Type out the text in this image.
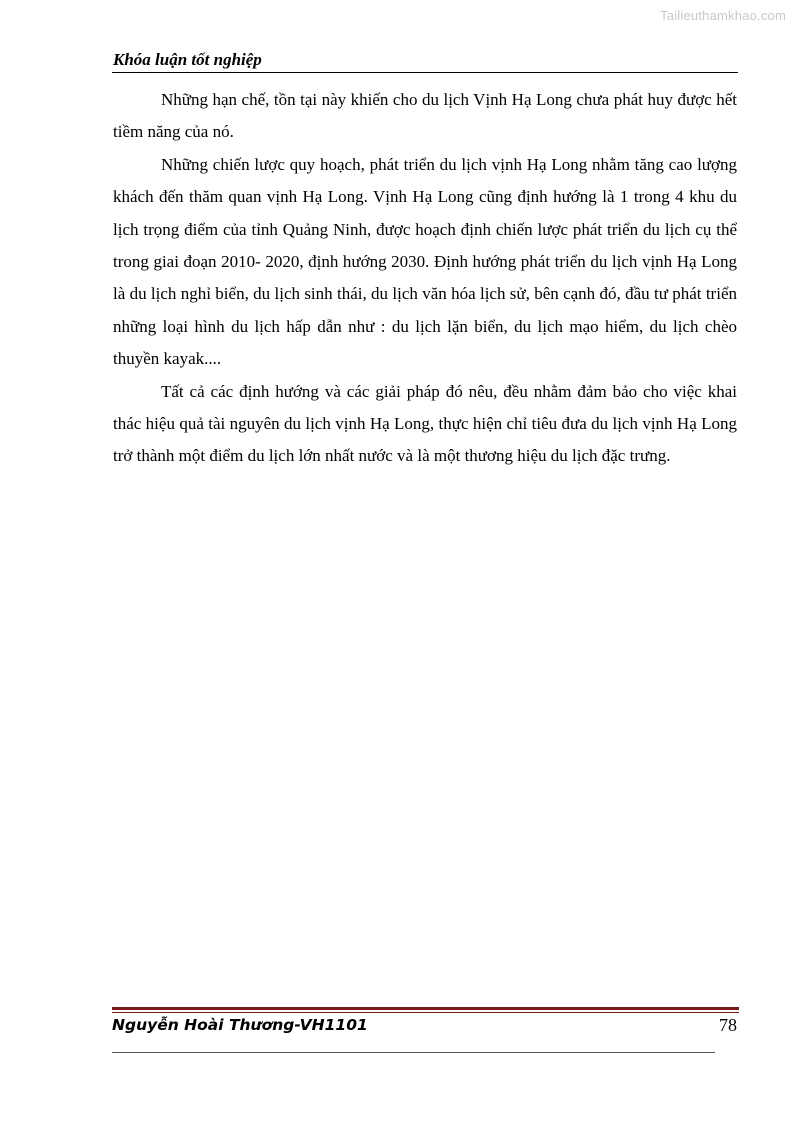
Tailieuthamkhao.com
Khóa luận tốt nghiệp

Những hạn chế, tồn tại này khiến cho du lịch Vịnh Hạ Long chưa phát huy được hết tiềm năng của nó.

Những chiến lược quy hoạch, phát triển du lịch vịnh Hạ Long nhằm tăng cao lượng khách đến thăm quan vịnh Hạ Long. Vịnh Hạ Long cũng định hướng là 1 trong 4 khu du lịch trọng điểm của tỉnh Quảng Ninh, được hoạch định chiến lược phát triển du lịch cụ thể trong giai đoạn 2010- 2020, định hướng 2030. Định hướng phát triển du lịch vịnh Hạ Long là du lịch nghỉ biển, du lịch sinh thái, du lịch văn hóa lịch sử, bên cạnh đó, đầu tư phát triển những loại hình du lịch hấp dẫn như : du lịch lặn biển, du lịch mạo hiểm, du lịch chèo thuyền kayak....

Tất cả các định hướng và các giải pháp đó nêu, đều nhằm đảm bảo cho việc khai thác hiệu quả tài nguyên du lịch vịnh Hạ Long, thực hiện chỉ tiêu đưa du lịch vịnh Hạ Long trở thành một điểm du lịch lớn nhất nước và là một thương hiệu du lịch đặc trưng.

Nguyễn Hoài Thương-VH1101	78
